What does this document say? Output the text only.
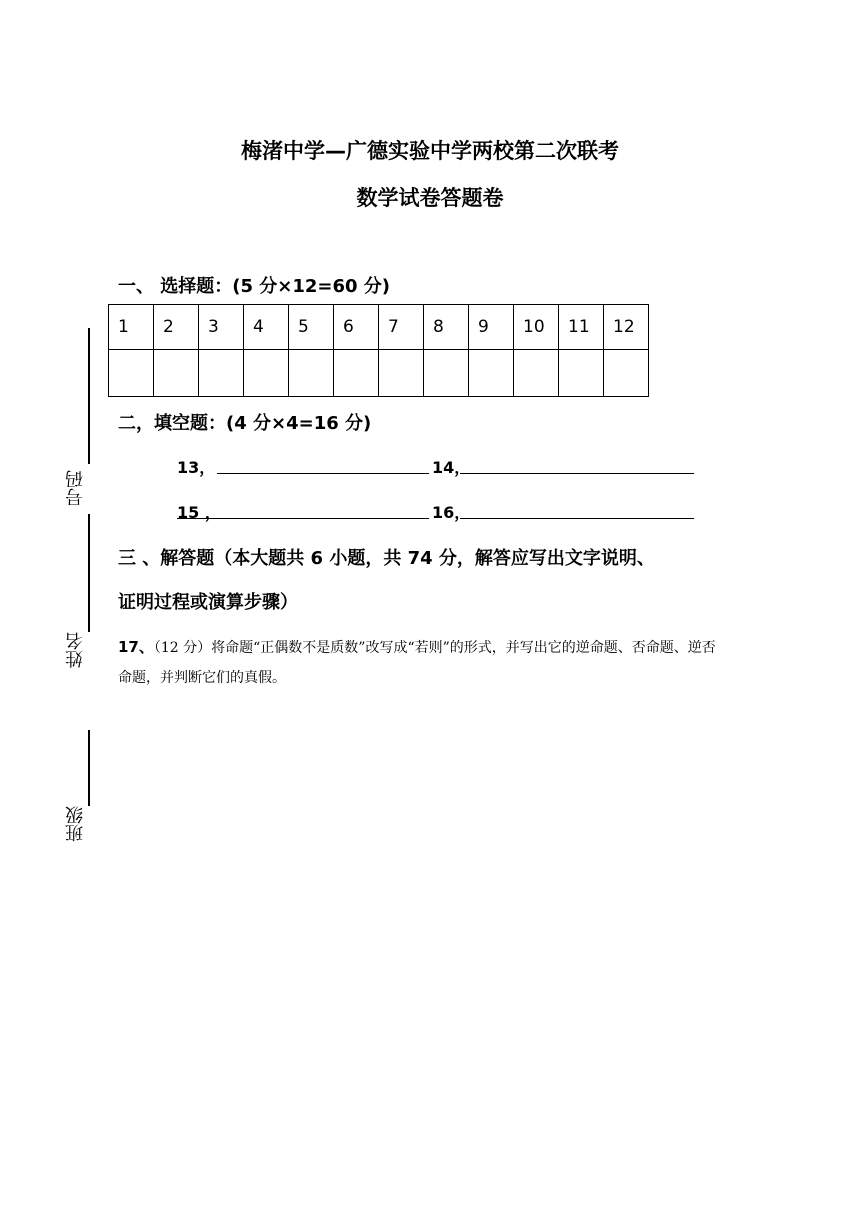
梅渚中学—广德实验中学两校第二次联考
数学试卷答题卷
一、 选择题：(5 分×12=60 分)
1	2	3	4	5	6	7	8	9	10	11	12

二，填空题：(4 分×4=16 分)
13，	14，
15 ，	16，
三 、解答题（本大题共 6 小题，共 74 分，解答应写出文字说明、
证明过程或演算步骤）
17、（12 分）将命题“正偶数不是质数”改写成“若则”的形式，并写出它的逆命题、否命题、逆否命题，并判断它们的真假。
号码
姓名
班级
